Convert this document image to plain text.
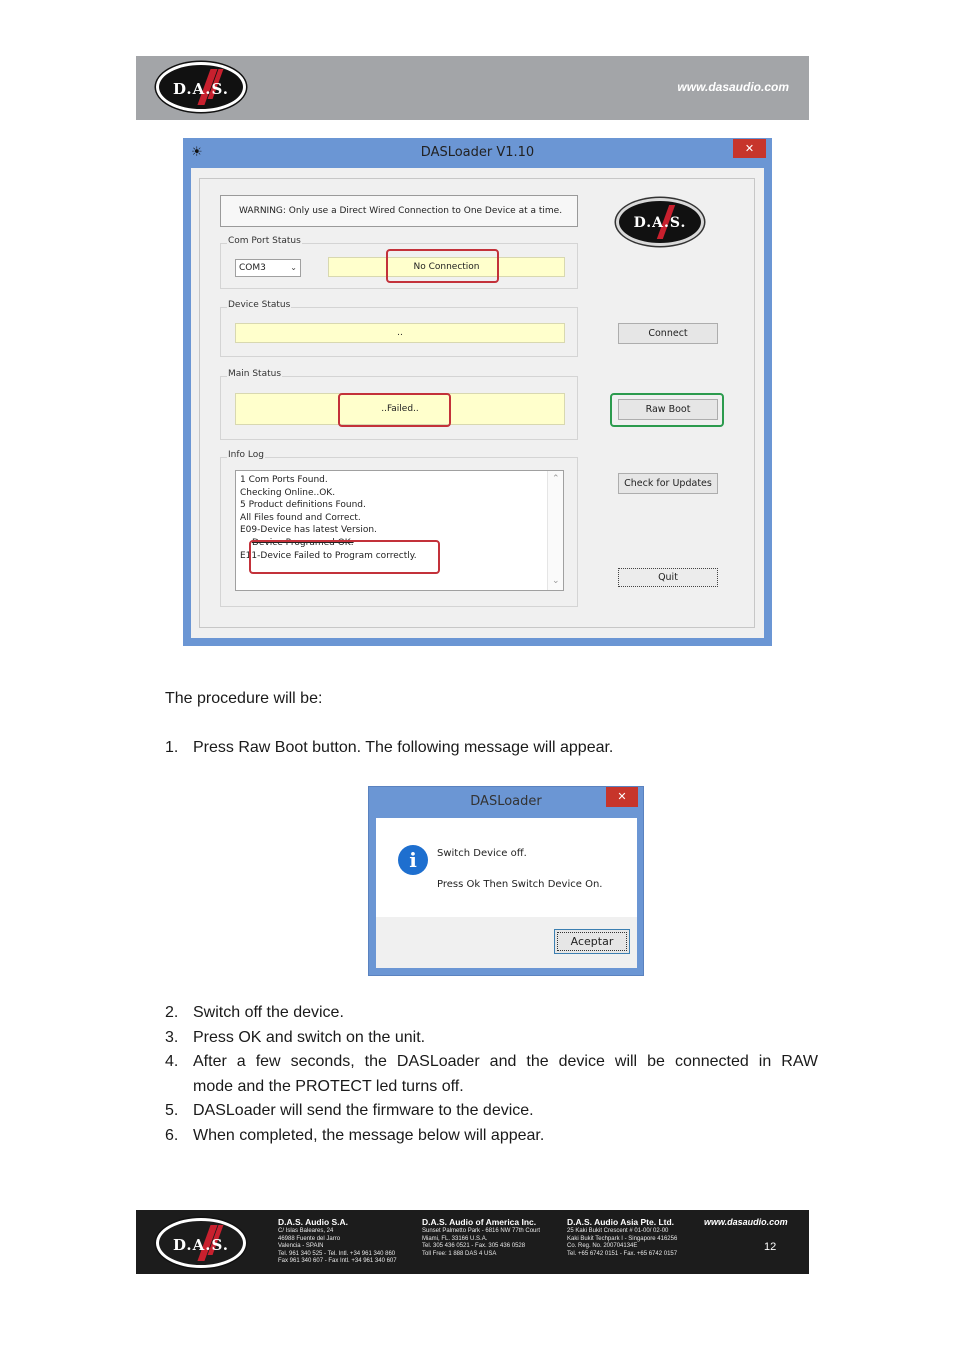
D.A.S.	www.dasaudio.com
☀	DASLoader V1.10	✕
WARNING: Only use a Direct Wired Connection to One Device at a time.
D.A.S.
Com Port Status
COM3	⌄	No Connection
Device Status
..
Main Status
..Failed..
Info Log
1 Com Ports Found.
Checking Online..OK.
5 Product definitions Found.
All Files found and Correct.
E09-Device has latest Version.
Device Programed OK.
E11-Device Failed to Program correctly.
⌃
⌄
Connect
Raw Boot
Check for Updates
Quit
The procedure will be:
1. Press Raw Boot button. The following message will appear.
DASLoader	✕
i	Switch Device off.
Press Ok Then Switch Device On.
Aceptar
2. Switch off the device.
3. Press OK and switch on the unit.
4. After a few seconds, the DASLoader and the device will be connected in RAW
mode and the PROTECT led turns off.
5. DASLoader will send the firmware to the device.
6. When completed, the message below will appear.
D.A.S.
D.A.S. Audio S.A.
C/ Islas Baleares, 24
46988 Fuente del Jarro
Valencia - SPAIN
Tel. 961 340 525 - Tel. Intl. +34 961 340 860
Fax 961 340 607 - Fax Intl. +34 961 340 607
D.A.S. Audio of America Inc.
Sunset Palmetto Park - 6816 NW 77th Court
Miami, FL. 33166 U.S.A.
Tel. 305 436 0521 - Fax. 305 436 0528
Toll Free: 1 888 DAS 4 USA
D.A.S. Audio Asia Pte. Ltd.
25 Kaki Bukit Crescent # 01-00/ 02-00
Kaki Bukit Techpark I - Singapore 416256
Co. Reg. No. 200704134E
Tel. +65 6742 0151 - Fax. +65 6742 0157
www.dasaudio.com
12
